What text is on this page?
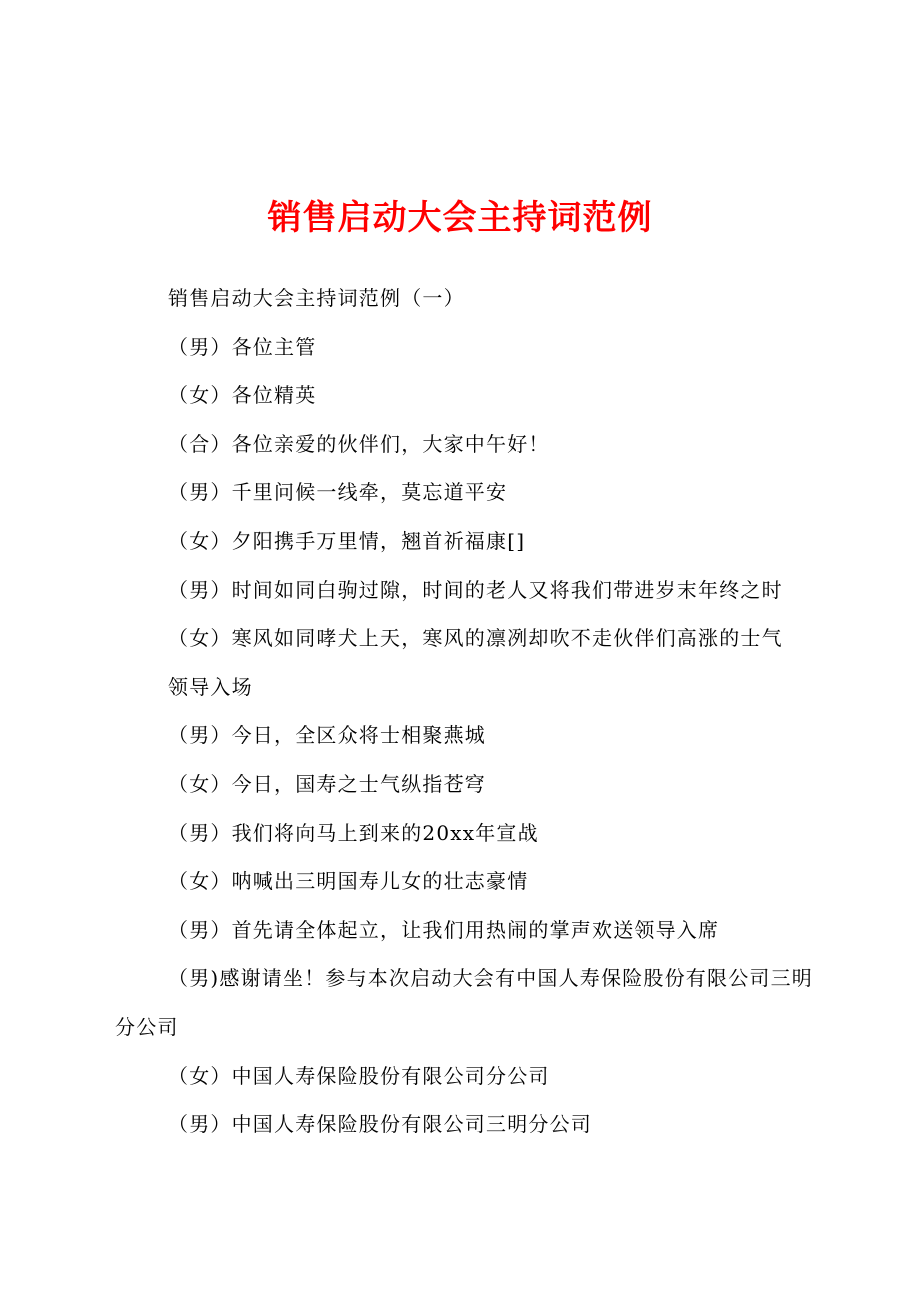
销售启动大会主持词范例

销售启动大会主持词范例（一）

（男）各位主管

（女）各位精英

（合）各位亲爱的伙伴们，大家中午好！

（男）千里问候一线牵，莫忘道平安

（女）夕阳携手万里情，翘首祈福康[]

（男）时间如同白驹过隙，时间的老人又将我们带进岁末年终之时

（女）寒风如同哮犬上天，寒风的凛冽却吹不走伙伴们高涨的士气

领导入场

（男）今日，全区众将士相聚燕城

（女）今日，国寿之士气纵指苍穹

（男）我们将向马上到来的20xx年宣战

（女）呐喊出三明国寿儿女的壮志豪情

（男）首先请全体起立，让我们用热闹的掌声欢送领导入席

（男)感谢请坐！参与本次启动大会有中国人寿保险股份有限公司三明分公司

（女）中国人寿保险股份有限公司分公司

（男）中国人寿保险股份有限公司三明分公司
